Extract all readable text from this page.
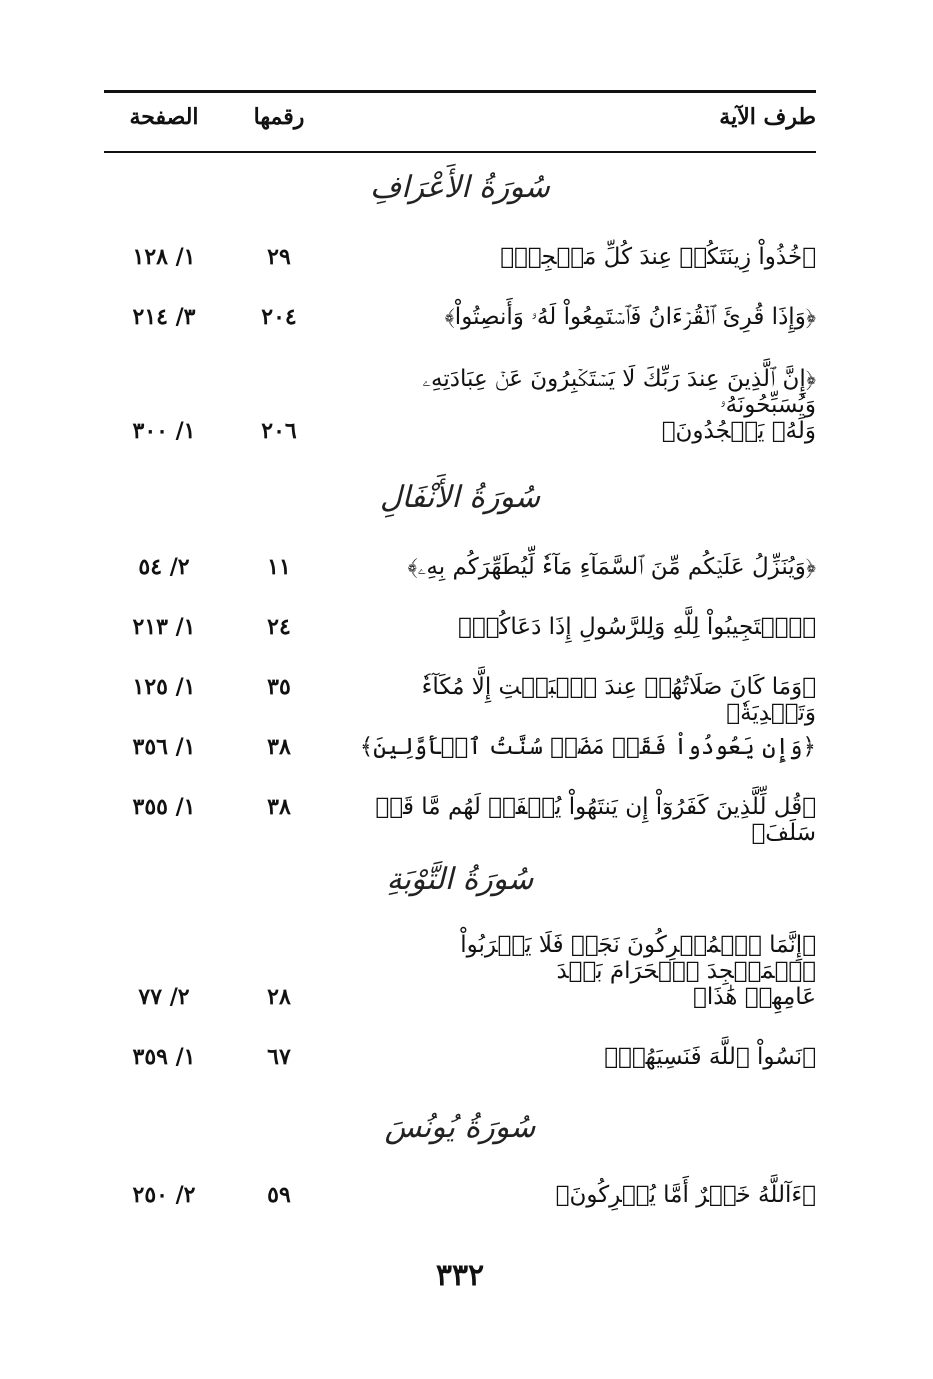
طرف الآية
رقمها
الصفحة
سُورَةُ الأَعْرَافِ
﴿خُذُواْ زِينَتَكُمۡ عِندَ كُلِّ مَسۡجِدٖ﴾
٢٩
١/ ١٢٨
﴿وَإِذَا قُرِئَ ٱلۡقُرۡءَانُ فَٱسۡتَمِعُواْ لَهُۥ وَأَنصِتُواْ﴾
٢٠٤
٣/ ٢١٤
﴿إِنَّ ٱلَّذِينَ عِندَ رَبِّكَ لَا يَسۡتَكۡبِرُونَ عَنۡ عِبَادَتِهِۦ وَيُسَبِّحُونَهُۥ
وَلَهُۥ يَسۡجُدُونَ﴾
٢٠٦
١/ ٣٠٠
سُورَةُ الأَنْفَالِ
﴿وَيُنَزِّلُ عَلَيۡكُم مِّنَ ٱلسَّمَآءِ مَآءٗ لِّيُطَهِّرَكُم بِهِۦ﴾
١١
٢/ ٥٤
﴿ٱسۡتَجِيبُواْ لِلَّهِ وَلِلرَّسُولِ إِذَا دَعَاكُمۡ﴾
٢٤
١/ ٢١٣
﴿وَمَا كَانَ صَلَاتُهُمۡ عِندَ ٱلۡبَيۡتِ إِلَّا مُكَآءٗ وَتَصۡدِيَةٗ﴾
٣٥
١/ ١٢٥
﴿وَإِن يَعُودُواْ فَقَدۡ مَضَتۡ سُنَّتُ ٱلۡأَوَّلِينَ﴾
٣٨
١/ ٣٥٦
﴿قُل لِّلَّذِينَ كَفَرُوٓاْ إِن يَنتَهُواْ يُغۡفَرۡ لَهُم مَّا قَدۡ سَلَفَ﴾
٣٨
١/ ٣٥٥
سُورَةُ التَّوْبَةِ
﴿إِنَّمَا ٱلۡمُشۡرِكُونَ نَجَسٞ فَلَا يَقۡرَبُواْ ٱلۡمَسۡجِدَ ٱلۡحَرَامَ بَعۡدَ
عَامِهِمۡ هَٰذَا﴾
٢٨
٢/ ٧٧
﴿نَسُواْ ٱللَّهَ فَنَسِيَهُمۡ﴾
٦٧
١/ ٣٥٩
سُورَةُ يُونُسَ
﴿ءَآللَّهُ خَيۡرٌ أَمَّا يُشۡرِكُونَ﴾
٥٩
٢/ ٢٥٠
٣٣٢
